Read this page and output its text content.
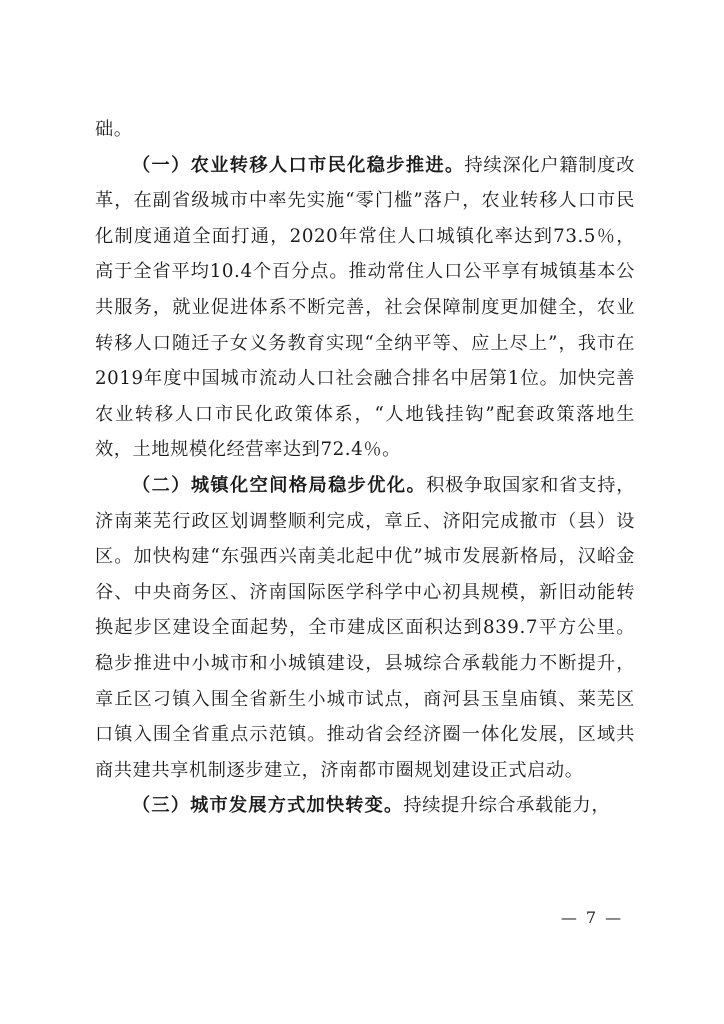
础。

（一）农业转移人口市民化稳步推进。持续深化户籍制度改革，在副省级城市中率先实施“零门槛”落户，农业转移人口市民化制度通道全面打通，2020年常住人口城镇化率达到73.5％，高于全省平均10.4个百分点。推动常住人口公平享有城镇基本公共服务，就业促进体系不断完善，社会保障制度更加健全，农业转移人口随迁子女义务教育实现“全纳平等、应上尽上”，我市在2019年度中国城市流动人口社会融合排名中居第1位。加快完善农业转移人口市民化政策体系，“人地钱挂钩”配套政策落地生效，土地规模化经营率达到72.4％。

（二）城镇化空间格局稳步优化。积极争取国家和省支持，济南莱芜行政区划调整顺利完成，章丘、济阳完成撤市（县）设区。加快构建“东强西兴南美北起中优”城市发展新格局，汉峪金谷、中央商务区、济南国际医学科学中心初具规模，新旧动能转换起步区建设全面起势，全市建成区面积达到839.7平方公里。稳步推进中小城市和小城镇建设，县城综合承载能力不断提升，章丘区刁镇入围全省新生小城市试点，商河县玉皇庙镇、莱芜区口镇入围全省重点示范镇。推动省会经济圈一体化发展，区域共商共建共享机制逐步建立，济南都市圈规划建设正式启动。

（三）城市发展方式加快转变。持续提升综合承载能力，

— 7 —
